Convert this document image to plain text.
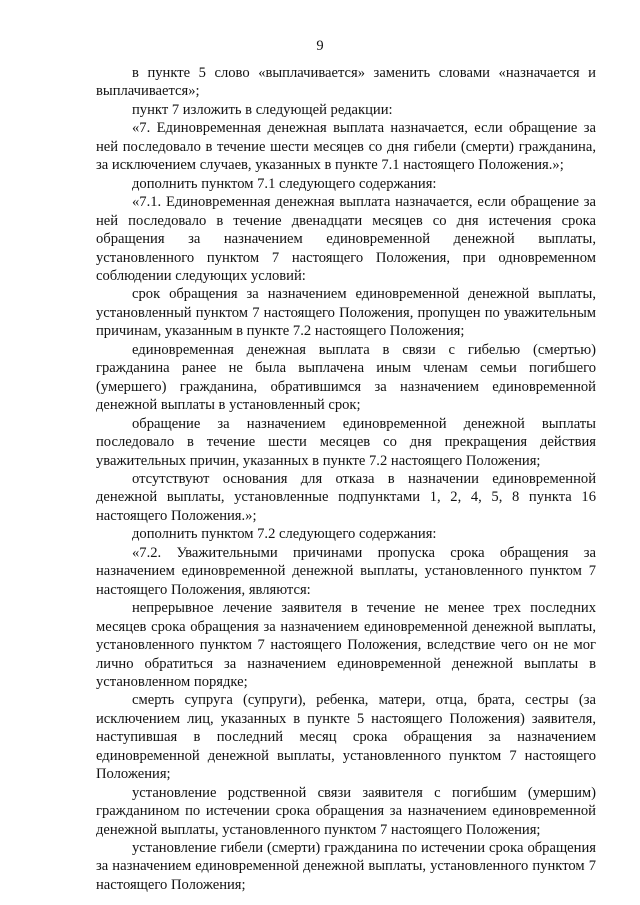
9

в пункте 5 слово «выплачивается» заменить словами «назначается и выплачивается»;

пункт 7 изложить в следующей редакции:

«7. Единовременная денежная выплата назначается, если обращение за ней последовало в течение шести месяцев со дня гибели (смерти) гражданина, за исключением случаев, указанных в пункте 7.1 настоящего Положения.»;

дополнить пунктом 7.1 следующего содержания:

«7.1. Единовременная денежная выплата назначается, если обращение за ней последовало в течение двенадцати месяцев со дня истечения срока обращения за назначением единовременной денежной выплаты, установленного пунктом 7 настоящего Положения, при одновременном соблюдении следующих условий:

срок обращения за назначением единовременной денежной выплаты, установленный пунктом 7 настоящего Положения, пропущен по уважительным причинам, указанным в пункте 7.2 настоящего Положения;

единовременная денежная выплата в связи с гибелью (смертью) гражданина ранее не была выплачена иным членам семьи погибшего (умершего) гражданина, обратившимся за назначением единовременной денежной выплаты в установленный срок;

обращение за назначением единовременной денежной выплаты последовало в течение шести месяцев со дня прекращения действия уважительных причин, указанных в пункте 7.2 настоящего Положения;

отсутствуют основания для отказа в назначении единовременной денежной выплаты, установленные подпунктами 1, 2, 4, 5, 8 пункта 16 настоящего Положения.»;

дополнить пунктом 7.2 следующего содержания:

«7.2. Уважительными причинами пропуска срока обращения за назначением единовременной денежной выплаты, установленного пунктом 7 настоящего Положения, являются:

непрерывное лечение заявителя в течение не менее трех последних месяцев срока обращения за назначением единовременной денежной выплаты, установленного пунктом 7 настоящего Положения, вследствие чего он не мог лично обратиться за назначением единовременной денежной выплаты в установленном порядке;

смерть супруга (супруги), ребенка, матери, отца, брата, сестры (за исключением лиц, указанных в пункте 5 настоящего Положения) заявителя, наступившая в последний месяц срока обращения за назначением единовременной денежной выплаты, установленного пунктом 7 настоящего Положения;

установление родственной связи заявителя с погибшим (умершим) гражданином по истечении срока обращения за назначением единовременной денежной выплаты, установленного пунктом 7 настоящего Положения;

установление гибели (смерти) гражданина по истечении срока обращения за назначением единовременной денежной выплаты, установленного пунктом 7 настоящего Положения;
